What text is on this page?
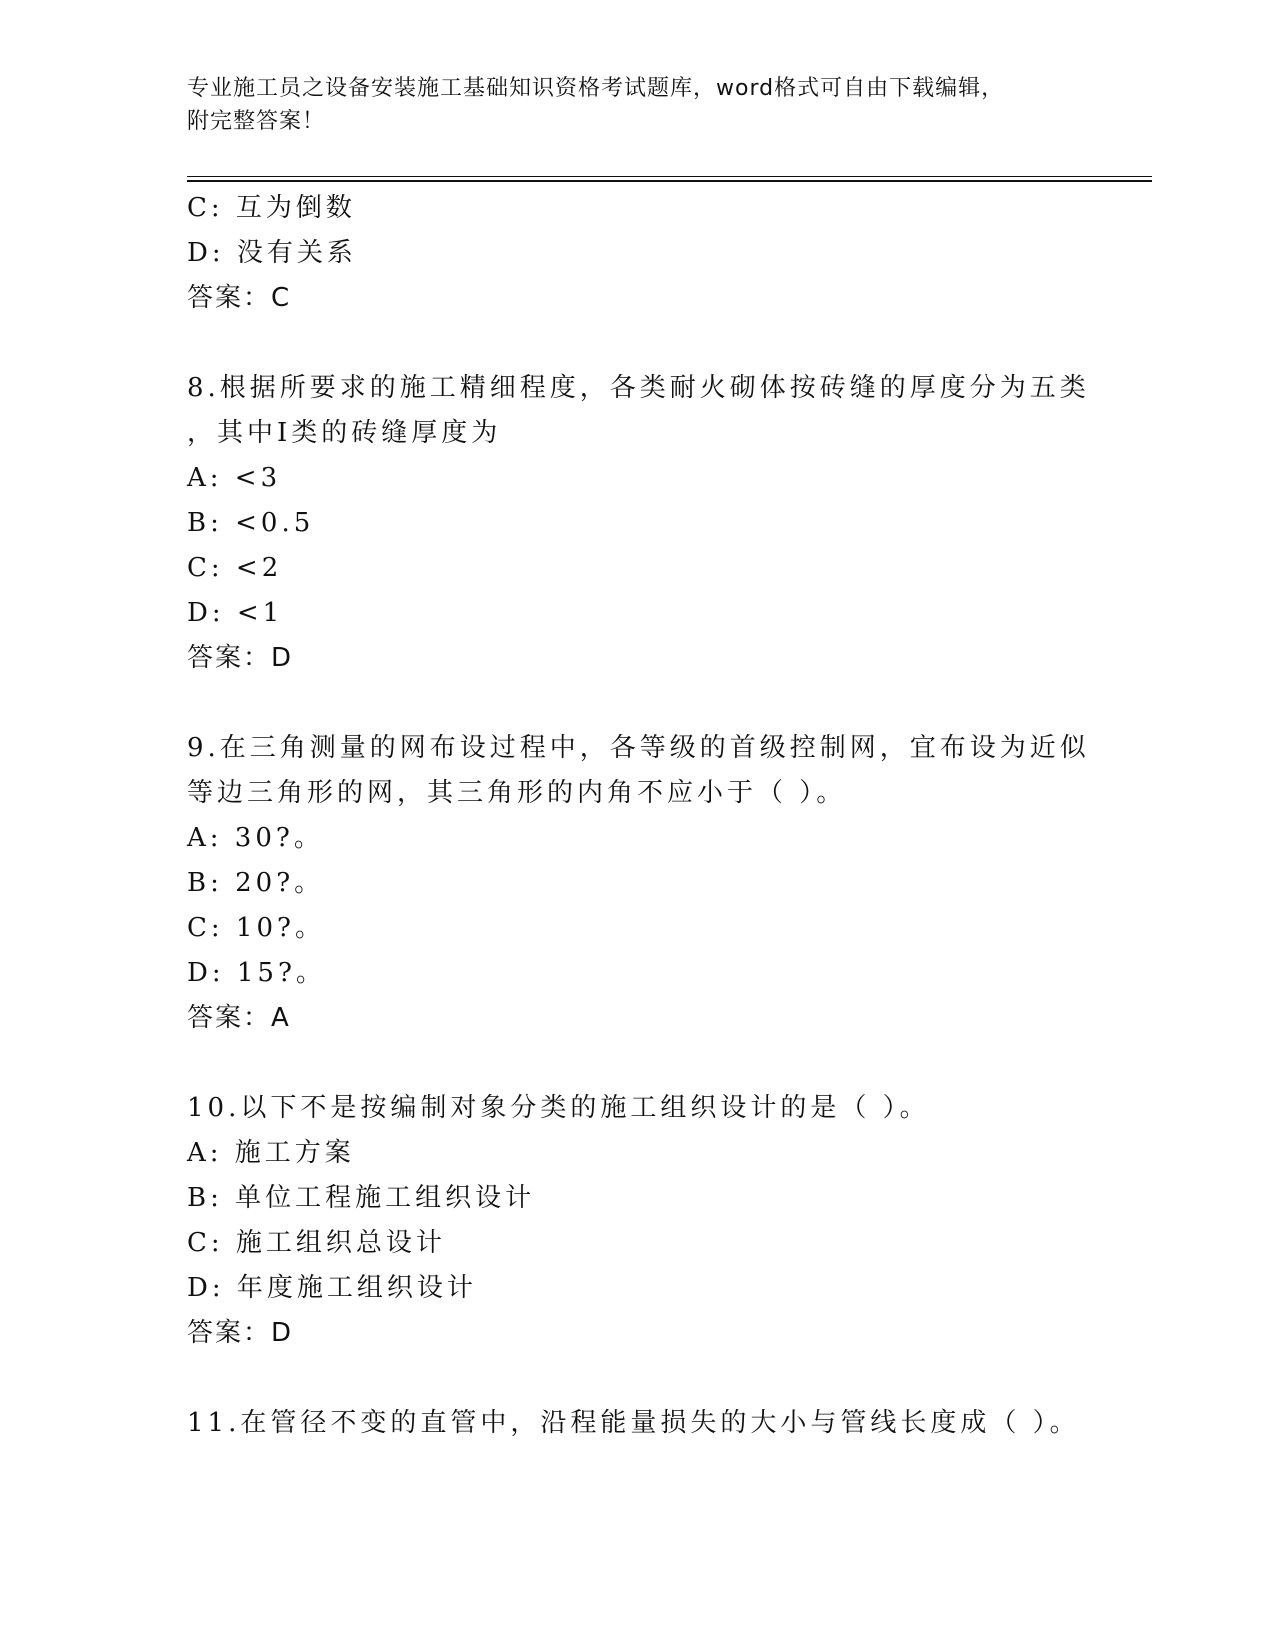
专业施工员之设备安装施工基础知识资格考试题库，word格式可自由下载编辑，
附完整答案！
C: 互为倒数
D: 没有关系
答案：C
8.根据所要求的施工精细程度，各类耐火砌体按砖缝的厚度分为五类
，其中Ⅰ类的砖缝厚度为
A: <3
B: <0.5
C: <2
D: <1
答案：D
9.在三角测量的网布设过程中，各等级的首级控制网，宜布设为近似
等边三角形的网，其三角形的内角不应小于（ ）。
A: 30?。
B: 20?。
C: 10?。
D: 15?。
答案：A
10.以下不是按编制对象分类的施工组织设计的是（ ）。
A: 施工方案
B: 单位工程施工组织设计
C: 施工组织总设计
D: 年度施工组织设计
答案：D
11.在管径不变的直管中，沿程能量损失的大小与管线长度成（ ）。
